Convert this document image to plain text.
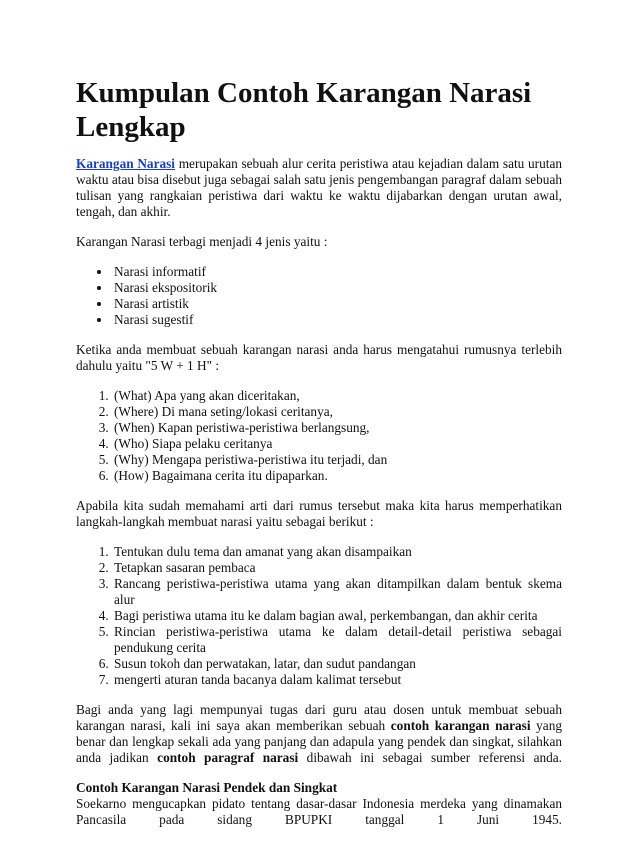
Kumpulan Contoh Karangan Narasi
Lengkap

Karangan Narasi merupakan sebuah alur cerita peristiwa atau kejadian dalam satu urutan waktu atau bisa disebut juga sebagai salah satu jenis pengembangan paragraf dalam sebuah tulisan yang rangkaian peristiwa dari waktu ke waktu dijabarkan dengan urutan awal, tengah, dan akhir.

Karangan Narasi terbagi menjadi 4 jenis yaitu :

• Narasi informatif
• Narasi ekspositorik
• Narasi artistik
• Narasi sugestif

Ketika anda membuat sebuah karangan narasi anda harus mengatahui rumusnya terlebih dahulu yaitu "5 W + 1 H" :

1. (What) Apa yang akan diceritakan,
2. (Where) Di mana seting/lokasi ceritanya,
3. (When) Kapan peristiwa-peristiwa berlangsung,
4. (Who) Siapa pelaku ceritanya
5. (Why) Mengapa peristiwa-peristiwa itu terjadi, dan
6. (How) Bagaimana cerita itu dipaparkan.

Apabila kita sudah memahami arti dari rumus tersebut maka kita harus memperhatikan langkah-langkah membuat narasi yaitu sebagai berikut :

1. Tentukan dulu tema dan amanat yang akan disampaikan
2. Tetapkan sasaran pembaca
3. Rancang peristiwa-peristiwa utama yang akan ditampilkan dalam bentuk skema alur
4. Bagi peristiwa utama itu ke dalam bagian awal, perkembangan, dan akhir cerita
5. Rincian peristiwa-peristiwa utama ke dalam detail-detail peristiwa sebagai pendukung cerita
6. Susun tokoh dan perwatakan, latar, dan sudut pandangan
7. mengerti aturan tanda bacanya dalam kalimat tersebut

Bagi anda yang lagi mempunyai tugas dari guru atau dosen untuk membuat sebuah karangan narasi, kali ini saya akan memberikan sebuah contoh karangan narasi yang benar dan lengkap sekali ada yang panjang dan adapula yang pendek dan singkat, silahkan anda jadikan contoh paragraf narasi dibawah ini sebagai sumber referensi anda.

Contoh Karangan Narasi Pendek dan Singkat

Soekarno mengucapkan pidato tentang dasar-dasar Indonesia merdeka yang dinamakan Pancasila pada sidang BPUPKI tanggal 1 Juni 1945.
